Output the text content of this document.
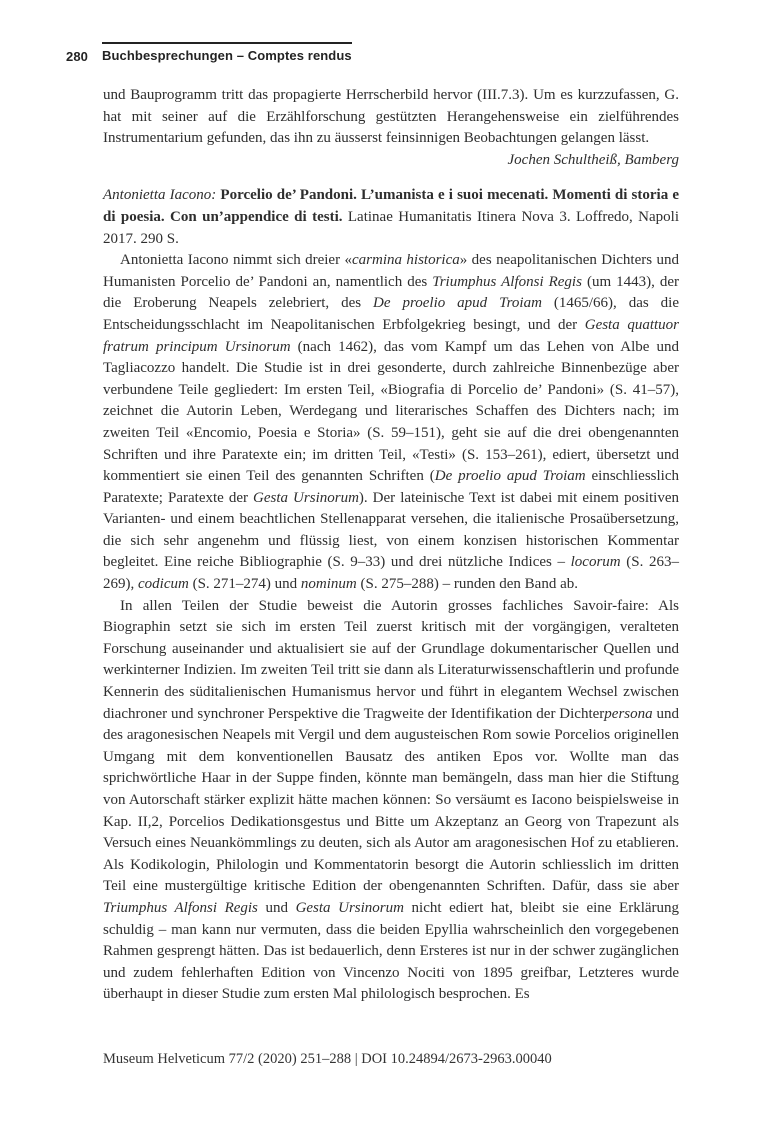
280 Buchbesprechungen – Comptes rendus

und Bauprogramm tritt das propagierte Herrscherbild hervor (III.7.3). Um es kurzzufassen, G. hat mit seiner auf die Erzählforschung gestützten Herangehensweise ein zielführendes Instrumentarium gefunden, das ihn zu äusserst feinsinnigen Beobachtungen gelangen lässt.

Jochen Schultheiß, Bamberg

Antonietta Iacono: Porcelio de’ Pandoni. L’umanista e i suoi mecenati. Momenti di storia e di poesia. Con un’appendice di testi. Latinae Humanitatis Itinera Nova 3. Loffredo, Napoli 2017. 290 S.

Antonietta Iacono nimmt sich dreier «carmina historica» des neapolitanischen Dichters und Humanisten Porcelio de’ Pandoni an, namentlich des Triumphus Alfonsi Regis (um 1443), der die Eroberung Neapels zelebriert, des De proelio apud Troiam (1465/66), das die Entscheidungsschlacht im Neapolitanischen Erbfolgekrieg besingt, und der Gesta quattuor fratrum principum Ursinorum (nach 1462), das vom Kampf um das Lehen von Albe und Tagliacozzo handelt. Die Studie ist in drei gesonderte, durch zahlreiche Binnenbezüge aber verbundene Teile gegliedert: Im ersten Teil, «Biografia di Porcelio de’ Pandoni» (S. 41–57), zeichnet die Autorin Leben, Werdegang und literarisches Schaffen des Dichters nach; im zweiten Teil «Encomio, Poesia e Storia» (S. 59–151), geht sie auf die drei obengenannten Schriften und ihre Paratexte ein; im dritten Teil, «Testi» (S. 153–261), ediert, übersetzt und kommentiert sie einen Teil des genannten Schriften (De proelio apud Troiam einschliesslich Paratexte; Paratexte der Gesta Ursinorum). Der lateinische Text ist dabei mit einem positiven Varianten- und einem beachtlichen Stellenapparat versehen, die italienische Prosaübersetzung, die sich sehr angenehm und flüssig liest, von einem konzisen historischen Kommentar begleitet. Eine reiche Bibliographie (S. 9–33) und drei nützliche Indices – locorum (S. 263–269), codicum (S. 271–274) und nominum (S. 275–288) – runden den Band ab.

In allen Teilen der Studie beweist die Autorin grosses fachliches Savoir-faire: Als Biographin setzt sie sich im ersten Teil zuerst kritisch mit der vorgängigen, veralteten Forschung auseinander und aktualisiert sie auf der Grundlage dokumentarischer Quellen und werkinterner Indizien. Im zweiten Teil tritt sie dann als Literaturwissenschaftlerin und profunde Kennerin des süditalienischen Humanismus hervor und führt in elegantem Wechsel zwischen diachroner und synchroner Perspektive die Tragweite der Identifikation der Dichterpersona und des aragonesischen Neapels mit Vergil und dem augusteischen Rom sowie Porcelios originellen Umgang mit dem konventionellen Bausatz des antiken Epos vor. Wollte man das sprichwörtliche Haar in der Suppe finden, könnte man bemängeln, dass man hier die Stiftung von Autorschaft stärker explizit hätte machen können: So versäumt es Iacono beispielsweise in Kap. II,2, Porcelios Dedikationsgestus und Bitte um Akzeptanz an Georg von Trapezunt als Versuch eines Neuankömmlings zu deuten, sich als Autor am aragonesischen Hof zu etablieren. Als Kodikologin, Philologin und Kommentatorin besorgt die Autorin schliesslich im dritten Teil eine mustergültige kritische Edition der obengenannten Schriften. Dafür, dass sie aber Triumphus Alfonsi Regis und Gesta Ursinorum nicht ediert hat, bleibt sie eine Erklärung schuldig – man kann nur vermuten, dass die beiden Epyllia wahrscheinlich den vorgegebenen Rahmen gesprengt hätten. Das ist bedauerlich, denn Ersteres ist nur in der schwer zugänglichen und zudem fehlerhaften Edition von Vincenzo Nociti von 1895 greifbar, Letzteres wurde überhaupt in dieser Studie zum ersten Mal philologisch besprochen. Es

Museum Helveticum 77/2 (2020) 251–288 | DOI 10.24894/2673-2963.00040
